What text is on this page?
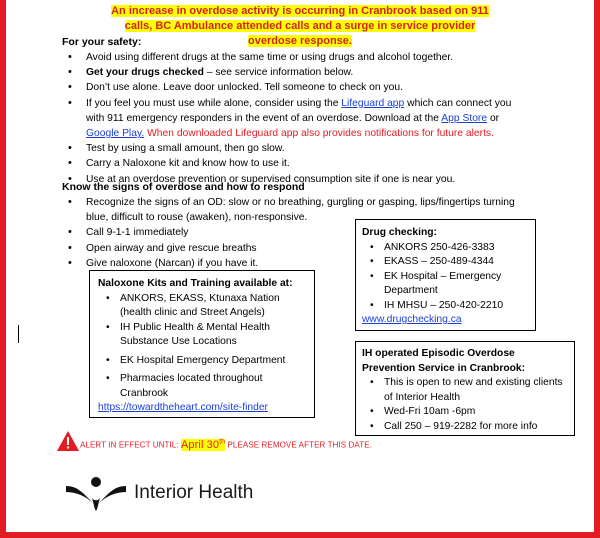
An increase in overdose activity is occurring in Cranbrook based on 911 calls, BC Ambulance attended calls and a surge in service provider overdose response.
For your safety:
• Avoid using different drugs at the same time or using drugs and alcohol together.
• Get your drugs checked – see service information below.
• Don’t use alone. Leave door unlocked. Tell someone to check on you.
• If you feel you must use while alone, consider using the Lifeguard app which can connect you with 911 emergency responders in the event of an overdose. Download at the App Store or Google Play. When downloaded Lifeguard app also provides notifications for future alerts.
• Test by using a small amount, then go slow.
• Carry a Naloxone kit and know how to use it.
• Use at an overdose prevention or supervised consumption site if one is near you.
Know the signs of overdose and how to respond
• Recognize the signs of an OD: slow or no breathing, gurgling or gasping, lips/fingertips turning blue, difficult to rouse (awaken), non-responsive.
• Call 9-1-1 immediately
• Open airway and give rescue breaths
• Give naloxone (Narcan) if you have it.
Drug checking:
• ANKORS 250-426-3383
• EKASS – 250-489-4344
• EK Hospital – Emergency Department
• IH MHSU – 250-420-2210
www.drugchecking.ca
Naloxone Kits and Training available at:
• ANKORS, EKASS, Ktunaxa Nation (health clinic and Street Angels)
• IH Public Health & Mental Health Substance Use Locations
• EK Hospital Emergency Department
• Pharmacies located throughout Cranbrook
https://towardtheheart.com/site-finder
IH operated Episodic Overdose Prevention Service in Cranbrook:
• This is open to new and existing clients of Interior Health
• Wed-Fri 10am -6pm
• Call 250 – 919-2282 for more info
ALERT IN EFFECT UNTIL: April 30th PLEASE REMOVE AFTER THIS DATE.
Interior Health
